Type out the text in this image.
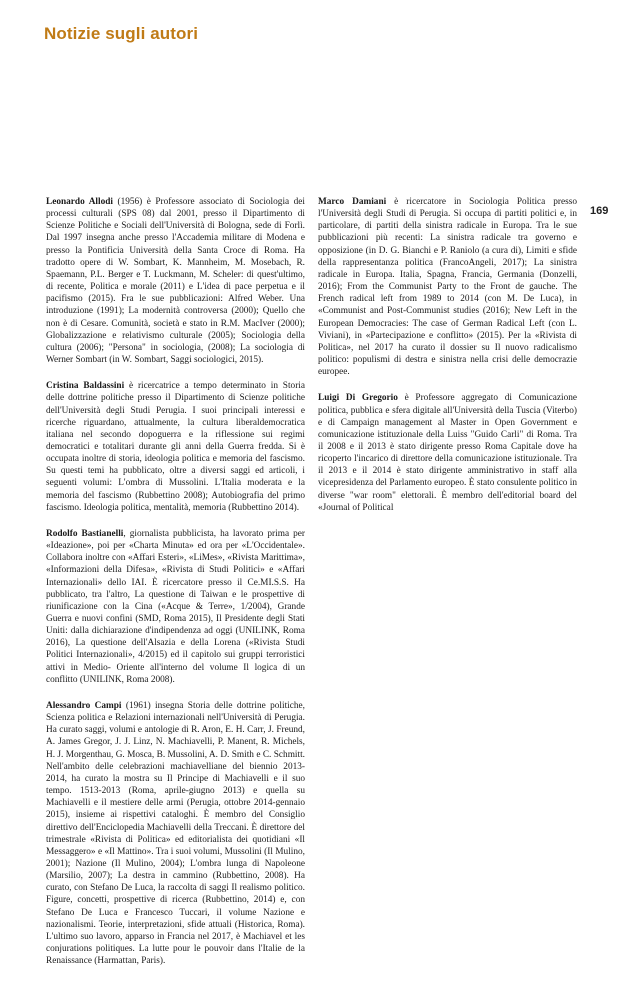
Notizie sugli autori
169

Leonardo Allodi (1956) è Professore associato di Sociologia dei processi culturali (SPS 08) dal 2001, presso il Dipartimento di Scienze Politiche e Sociali dell'Università di Bologna, sede di Forlì. Dal 1997 insegna anche presso l'Accademia militare di Modena e presso la Pontificia Università della Santa Croce di Roma. Ha tradotto opere di W. Sombart, K. Mannheim, M. Mosebach, R. Spaemann, P.L. Berger e T. Luckmann, M. Scheler: di quest'ultimo, di recente, Politica e morale (2011) e L'idea di pace perpetua e il pacifismo (2015). Fra le sue pubblicazioni: Alfred Weber. Una introduzione (1991); La modernità controversa (2000); Quello che non è di Cesare. Comunità, società e stato in R.M. MacIver (2000); Globalizzazione e relativismo culturale (2005); Sociologia della cultura (2006); "Persona" in sociologia, (2008); La sociologia di Werner Sombart (in W. Sombart, Saggi sociologici, 2015).

Cristina Baldassini è ricercatrice a tempo determinato in Storia delle dottrine politiche presso il Dipartimento di Scienze politiche dell'Università degli Studi Perugia. I suoi principali interessi e ricerche riguardano, attualmente, la cultura liberaldemocratica italiana nel secondo dopoguerra e la riflessione sui regimi democratici e totalitari durante gli anni della Guerra fredda. Si è occupata inoltre di storia, ideologia politica e memoria del fascismo. Su questi temi ha pubblicato, oltre a diversi saggi ed articoli, i seguenti volumi: L'ombra di Mussolini. L'Italia moderata e la memoria del fascismo (Rubbettino 2008); Autobiografia del primo fascismo. Ideologia politica, mentalità, memoria (Rubbettino 2014).

Rodolfo Bastianelli, giornalista pubblicista, ha lavorato prima per «Ideazione», poi per «Charta Minuta» ed ora per «L'Occidentale». Collabora inoltre con «Affari Esteri», «LiMes», «Rivista Marittima», «Informazioni della Difesa», «Rivista di Studi Politici» e «Affari Internazionali» dello IAI. È ricercatore presso il Ce.MI.S.S. Ha pubblicato, tra l'altro, La questione di Taiwan e le prospettive di riunificazione con la Cina («Acque & Terre», 1/2004), Grande Guerra e nuovi confini (SMD, Roma 2015), Il Presidente degli Stati Uniti: dalla dichiarazione d'indipendenza ad oggi (UNILINK, Roma 2016), La questione dell'Alsazia e della Lorena («Rivista Studi Politici Internazionali», 4/2015) ed il capitolo sui gruppi terroristici attivi in Medio- Oriente all'interno del volume Il logica di un conflitto (UNILINK, Roma 2008).

Alessandro Campi (1961) insegna Storia delle dottrine politiche, Scienza politica e Relazioni internazionali nell'Università di Perugia. Ha curato saggi, volumi e antologie di R. Aron, E. H. Carr, J. Freund, A. James Gregor, J. J. Linz, N. Machiavelli, P. Manent, R. Michels, H. J. Morgenthau, G. Mosca, B. Mussolini, A. D. Smith e C. Schmitt. Nell'ambito delle celebrazioni machiavelliane del biennio 2013-2014, ha curato la mostra su Il Principe di Machiavelli e il suo tempo. 1513-2013 (Roma, aprile-giugno 2013) e quella su Machiavelli e il mestiere delle armi (Perugia, ottobre 2014-gennaio 2015), insieme ai rispettivi cataloghi. È membro del Consiglio direttivo dell'Enciclopedia Machiavelli della Treccani. È direttore del trimestrale «Rivista di Politica» ed editorialista dei quotidiani «Il Messaggero» e «Il Mattino». Tra i suoi volumi, Mussolini (Il Mulino, 2001); Nazione (Il Mulino, 2004); L'ombra lunga di Napoleone (Marsilio, 2007); La destra in cammino (Rubbettino, 2008). Ha curato, con Stefano De Luca, la raccolta di saggi Il realismo politico. Figure, concetti, prospettive di ricerca (Rubbettino, 2014) e, con Stefano De Luca e Francesco Tuccari, il volume Nazione e nazionalismi. Teorie, interpretazioni, sfide attuali (Historica, Roma). L'ultimo suo lavoro, apparso in Francia nel 2017, è Machiavel et les conjurations politiques. La lutte pour le pouvoir dans l'Italie de la Renaissance (Harmattan, Paris).

Marco Damiani è ricercatore in Sociologia Politica presso l'Università degli Studi di Perugia. Si occupa di partiti politici e, in particolare, di partiti della sinistra radicale in Europa. Tra le sue pubblicazioni più recenti: La sinistra radicale tra governo e opposizione (in D. G. Bianchi e P. Raniolo (a cura di), Limiti e sfide della rappresentanza politica (FrancoAngeli, 2017); La sinistra radicale in Europa. Italia, Spagna, Francia, Germania (Donzelli, 2016); From the Communist Party to the Front de gauche. The French radical left from 1989 to 2014 (con M. De Luca), in «Communist and Post-Communist studies (2016); New Left in the European Democracies: The case of German Radical Left (con L. Viviani), in «Partecipazione e conflitto» (2015). Per la «Rivista di Politica», nel 2017 ha curato il dossier su Il nuovo radicalismo politico: populismi di destra e sinistra nella crisi delle democrazie europee.

Luigi Di Gregorio è Professore aggregato di Comunicazione politica, pubblica e sfera digitale all'Università della Tuscia (Viterbo) e di Campaign management al Master in Open Government e comunicazione istituzionale della Luiss "Guido Carli" di Roma. Tra il 2008 e il 2013 è stato dirigente presso Roma Capitale dove ha ricoperto l'incarico di direttore della comunicazione istituzionale. Tra il 2013 e il 2014 è stato dirigente amministrativo in staff alla vicepresidenza del Parlamento europeo. È stato consulente politico in diverse "war room" elettorali. È membro dell'editorial board del «Journal of Political
